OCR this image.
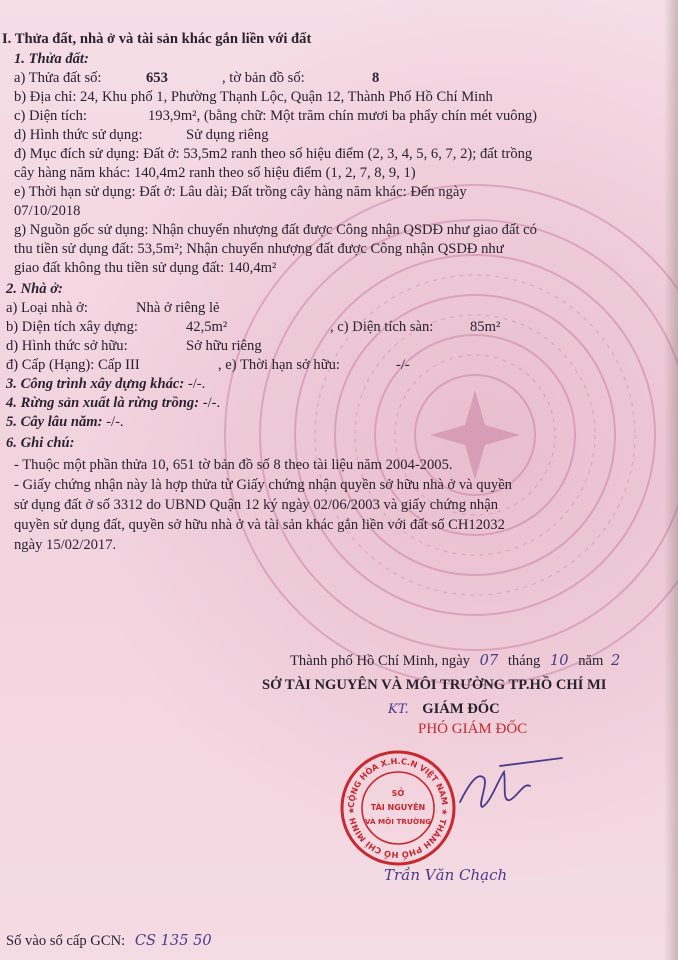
I. Thửa đất, nhà ở và tài sản khác gắn liền với đất
1. Thửa đất:
a) Thửa đất số:	653	, tờ bản đồ số:	8
b) Địa chỉ: 24, Khu phố 1, Phường Thạnh Lộc, Quận 12, Thành Phố Hồ Chí Minh
c) Diện tích:	193,9m², (bằng chữ: Một trăm chín mươi ba phẩy chín mét vuông)
d) Hình thức sử dụng:	Sử dụng riêng
đ) Mục đích sử dụng: Đất ở: 53,5m2 ranh theo số hiệu điểm (2, 3, 4, 5, 6, 7, 2); đất trồng
cây hàng năm khác: 140,4m2 ranh theo số hiệu điểm (1, 2, 7, 8, 9, 1)
e) Thời hạn sử dụng: Đất ở: Lâu dài; Đất trồng cây hàng năm khác: Đến ngày
07/10/2018
g) Nguồn gốc sử dụng: Nhận chuyển nhượng đất được Công nhận QSDĐ như giao đất có
thu tiền sử dụng đất: 53,5m²; Nhận chuyển nhượng đất được Công nhận QSDĐ như
giao đất không thu tiền sử dụng đất: 140,4m²
2. Nhà ở:
a) Loại nhà ở:	Nhà ở riêng lẻ
b) Diện tích xây dựng:	42,5m²	, c) Diện tích sàn:	85m²
d) Hình thức sở hữu:	Sở hữu riêng
đ) Cấp (Hạng): Cấp III	, e) Thời hạn sở hữu:	-/-
3. Công trình xây dựng khác: -/-.
4. Rừng sản xuất là rừng trồng: -/-.
5. Cây lâu năm: -/-.
6. Ghi chú:
- Thuộc một phần thửa 10, 651 tờ bản đồ số 8 theo tài liệu năm 2004-2005.
- Giấy chứng nhận này là hợp thửa từ Giấy chứng nhận quyền sở hữu nhà ở và quyền
sử dụng đất ở số 3312 do UBND Quận 12 ký ngày 02/06/2003 và giấy chứng nhận
quyền sử dụng đất, quyền sở hữu nhà ở và tài sản khác gắn liền với đất số CH12032
ngày 15/02/2017.
Thành phố Hồ Chí Minh, ngày 07 tháng 10 năm 2
SỞ TÀI NGUYÊN VÀ MÔI TRƯỜNG TP.HỒ CHÍ MI
KT. GIÁM ĐỐC
PHÓ GIÁM ĐỐC
CỘNG HÒA X.H.C.N VIỆT NAM ★ THÀNH PHỐ HỒ CHÍ MINH ★
SỞ
TÀI NGUYÊN
VÀ MÔI TRƯỜNG
Trần Văn Chạch
Số vào sổ cấp GCN: CS 135 50
